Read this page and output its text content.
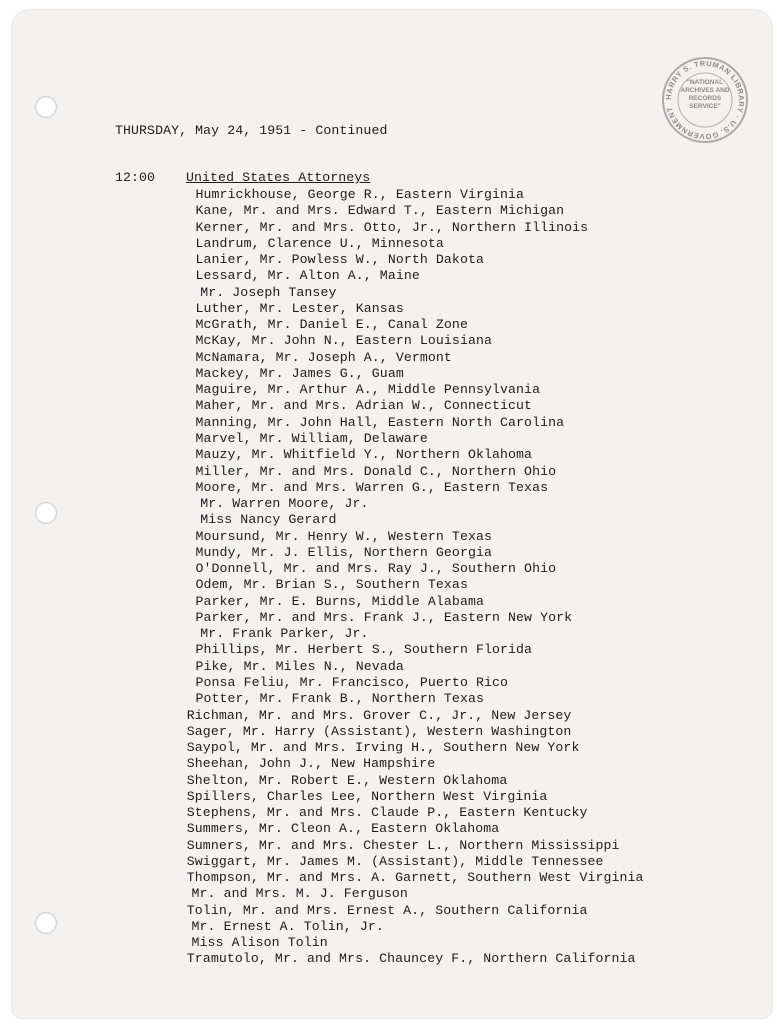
HARRY S. TRUMAN LIBRARY · U.S. GOVERNMENT
"NATIONAL
ARCHIVES AND
RECORDS
SERVICE"
THURSDAY, May 24, 1951 - Continued
12:00 United States Attorneys
Humrickhouse, George R., Eastern Virginia
Kane, Mr. and Mrs. Edward T., Eastern Michigan
Kerner, Mr. and Mrs. Otto, Jr., Northern Illinois
Landrum, Clarence U., Minnesota
Lanier, Mr. Powless W., North Dakota
Lessard, Mr. Alton A., Maine
Mr. Joseph Tansey
Luther, Mr. Lester, Kansas
McGrath, Mr. Daniel E., Canal Zone
McKay, Mr. John N., Eastern Louisiana
McNamara, Mr. Joseph A., Vermont
Mackey, Mr. James G., Guam
Maguire, Mr. Arthur A., Middle Pennsylvania
Maher, Mr. and Mrs. Adrian W., Connecticut
Manning, Mr. John Hall, Eastern North Carolina
Marvel, Mr. William, Delaware
Mauzy, Mr. Whitfield Y., Northern Oklahoma
Miller, Mr. and Mrs. Donald C., Northern Ohio
Moore, Mr. and Mrs. Warren G., Eastern Texas
Mr. Warren Moore, Jr.
Miss Nancy Gerard
Moursund, Mr. Henry W., Western Texas
Mundy, Mr. J. Ellis, Northern Georgia
O'Donnell, Mr. and Mrs. Ray J., Southern Ohio
Odem, Mr. Brian S., Southern Texas
Parker, Mr. E. Burns, Middle Alabama
Parker, Mr. and Mrs. Frank J., Eastern New York
Mr. Frank Parker, Jr.
Phillips, Mr. Herbert S., Southern Florida
Pike, Mr. Miles N., Nevada
Ponsa Feliu, Mr. Francisco, Puerto Rico
Potter, Mr. Frank B., Northern Texas
Richman, Mr. and Mrs. Grover C., Jr., New Jersey
Sager, Mr. Harry (Assistant), Western Washington
Saypol, Mr. and Mrs. Irving H., Southern New York
Sheehan, John J., New Hampshire
Shelton, Mr. Robert E., Western Oklahoma
Spillers, Charles Lee, Northern West Virginia
Stephens, Mr. and Mrs. Claude P., Eastern Kentucky
Summers, Mr. Cleon A., Eastern Oklahoma
Sumners, Mr. and Mrs. Chester L., Northern Mississippi
Swiggart, Mr. James M. (Assistant), Middle Tennessee
Thompson, Mr. and Mrs. A. Garnett, Southern West Virginia
Mr. and Mrs. M. J. Ferguson
Tolin, Mr. and Mrs. Ernest A., Southern California
Mr. Ernest A. Tolin, Jr.
Miss Alison Tolin
Tramutolo, Mr. and Mrs. Chauncey F., Northern California
